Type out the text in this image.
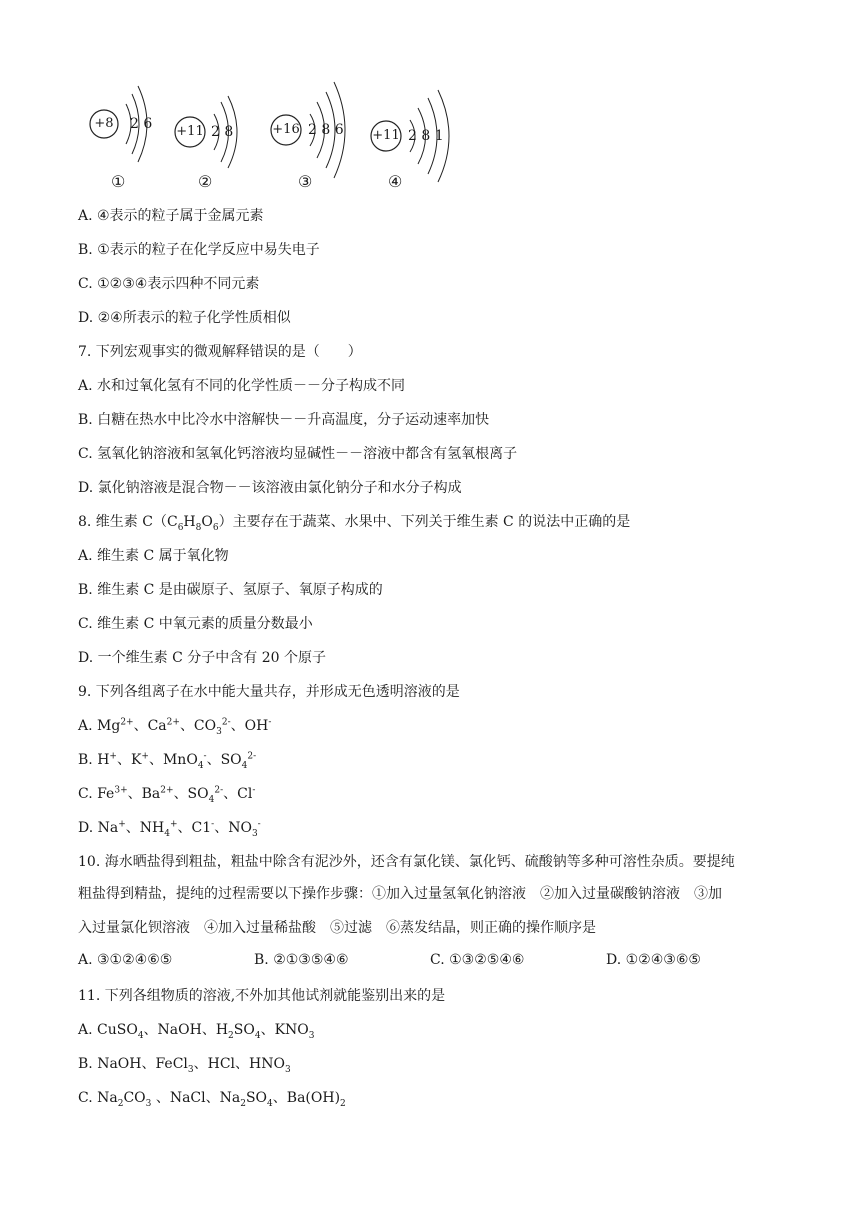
+8	2 6
①
+11 2 8
②
+16 2 8 6
③
+11 2 8 1
④
A. ④表示的粒子属于金属元素
B. ①表示的粒子在化学反应中易失电子
C. ①②③④表示四种不同元素
D. ②④所表示的粒子化学性质相似
7. 下列宏观事实的微观解释错误的是（　　）
A. 水和过氧化氢有不同的化学性质－－分子构成不同
B. 白糖在热水中比冷水中溶解快－－升高温度，分子运动速率加快
C. 氢氧化钠溶液和氢氧化钙溶液均显碱性－－溶液中都含有氢氧根离子
D. 氯化钠溶液是混合物－－该溶液由氯化钠分子和水分子构成
8. 维生素 $C(C_6H_8O_6)$主要存在于蔬菜、水果中、下列关于维生素 C 的说法中正确的是
A. 维生素 C 属于氧化物
B. 维生素 C 是由碳原子、氢原子、氧原子构成的
C. 维生素 C 中氧元素的质量分数最小
D. 一个维生素 C 分子中含有 20 个原子
9. 下列各组离子在水中能大量共存，并形成无色透明溶液的是
A. $Mg^{2+}$、$Ca^{2+}$、$CO_3^{2-}$、OH-
B. H+、K+、MnO$_4$-、$SO_4^{2-}$
C. $Fe^{3+}$、$Ba^{2+}$、$SO_4^{2-}$、Cl-
D. Na+、$NH_4^+$、C1-、$NO_3^-$
10. 海水晒盐得到粗盐，粗盐中除含有泥沙外，还含有氯化镁、氯化钙、硫酸钠等多种可溶性杂质。要提纯
粗盐得到精盐，提纯的过程需要以下操作步骤：①加入过量氢氧化钠溶液　②加入过量碳酸钠溶液　③加
入过量氯化钡溶液　④加入过量稀盐酸　⑤过滤　⑥蒸发结晶，则正确的操作顺序是
A. ③①②④⑥⑤	B. ②①③⑤④⑥	C. ①③②⑤④⑥	D. ①②④③⑥⑤
11. 下列各组物质的溶液,不外加其他试剂就能鉴别出来的是
A. CuSO$_4$、NaOH、$H_2SO_4$、$KNO_3$
B. NaOH、FeCl$_3$、HCl、$HNO_3$
C. $Na_2CO_3$ 、NaCl、$Na_2SO_4$、$Ba(OH)_2$
